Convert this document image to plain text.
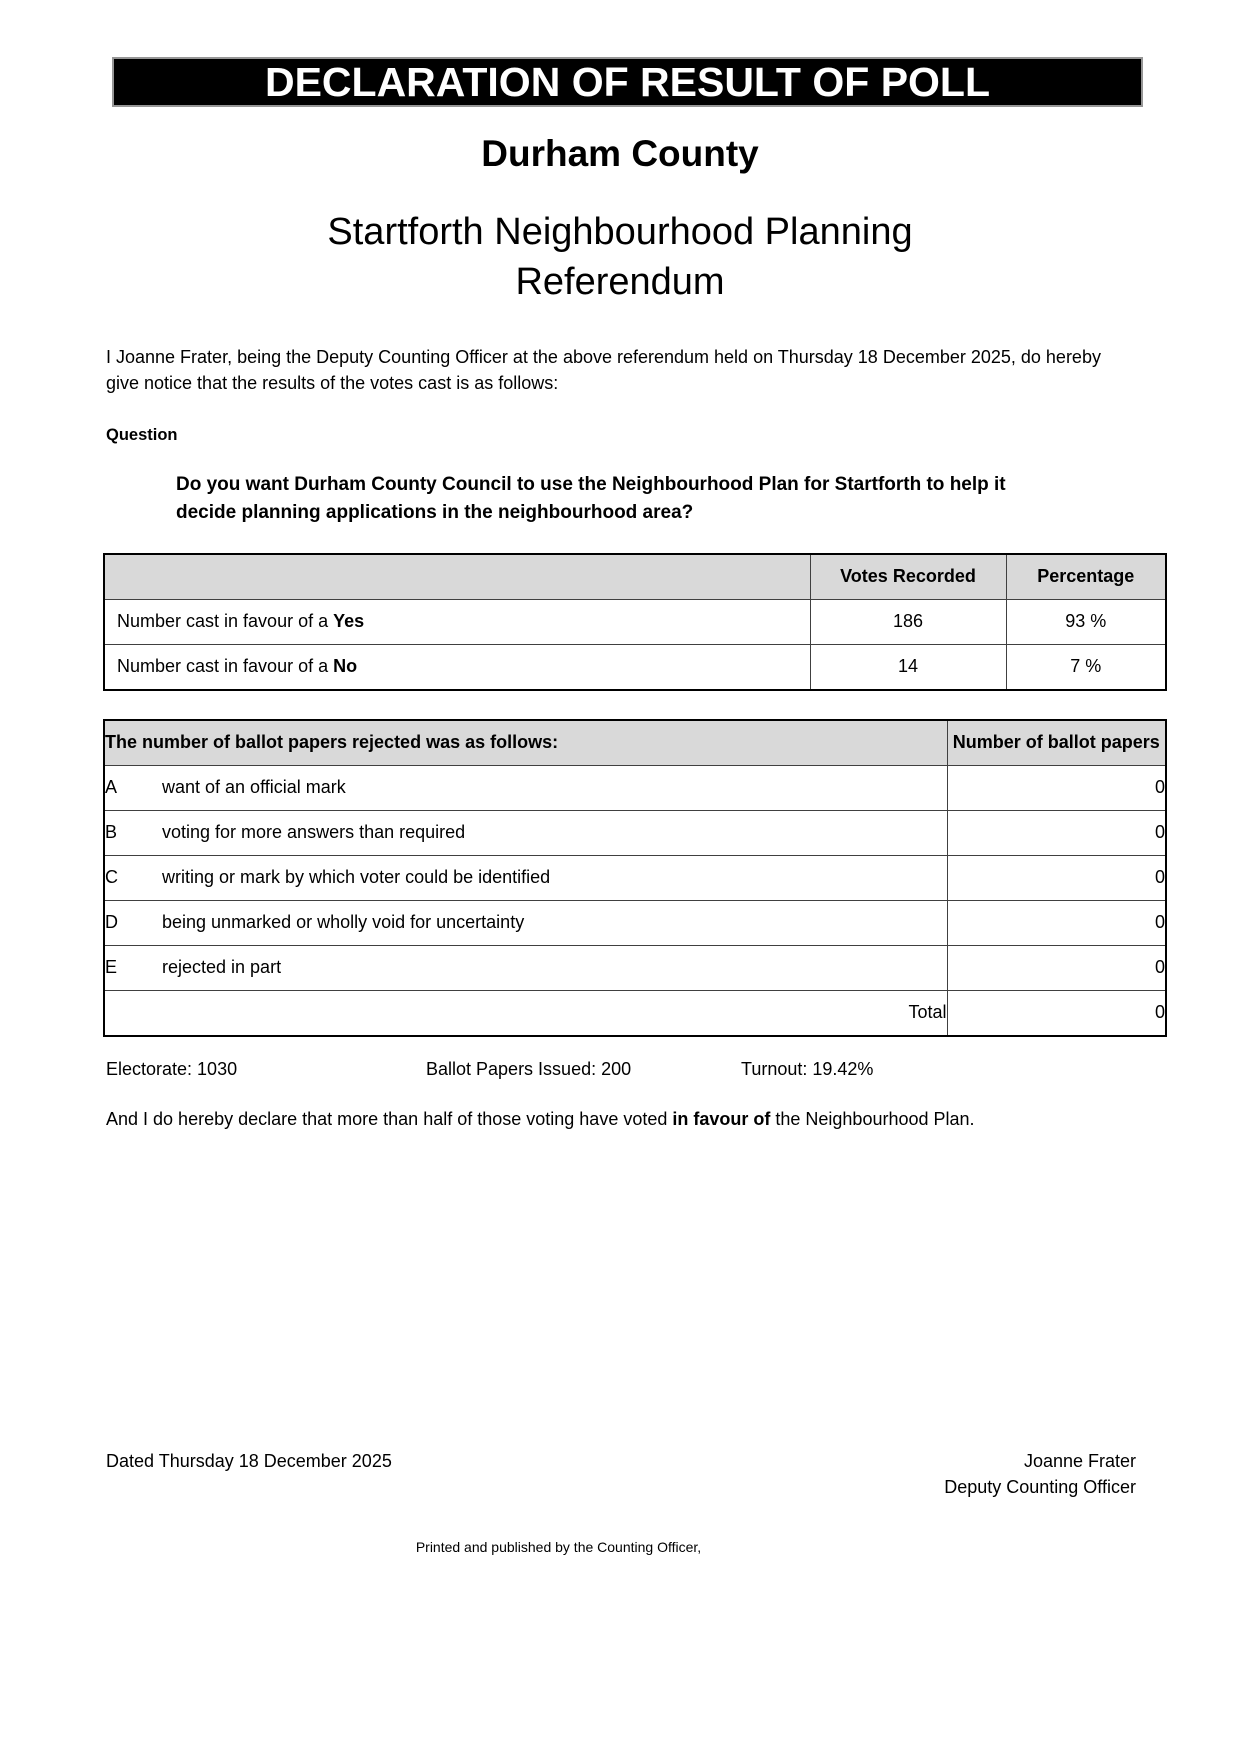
DECLARATION OF RESULT OF POLL
Durham County
Startforth Neighbourhood Planning Referendum

I Joanne Frater, being the Deputy Counting Officer at the above referendum held on Thursday 18 December 2025, do hereby give notice that the results of the votes cast is as follows:

Question

Do you want Durham County Council to use the Neighbourhood Plan for Startforth to help it decide planning applications in the neighbourhood area?

	Votes Recorded	Percentage
Number cast in favour of a Yes	186	93 %
Number cast in favour of a No	14	7 %
The number of ballot papers rejected was as follows:	Number of ballot papers
A want of an official mark	0
B voting for more answers than required	0
C writing or mark by which voter could be identified	0
D being unmarked or wholly void for uncertainty	0
E rejected in part	0
Total	0
Electorate: 1030	Ballot Papers Issued: 200	Turnout: 19.42%

And I do hereby declare that more than half of those voting have voted in favour of the Neighbourhood Plan.

Dated Thursday 18 December 2025	Joanne Frater
Deputy Counting Officer
Printed and published by the Counting Officer,
